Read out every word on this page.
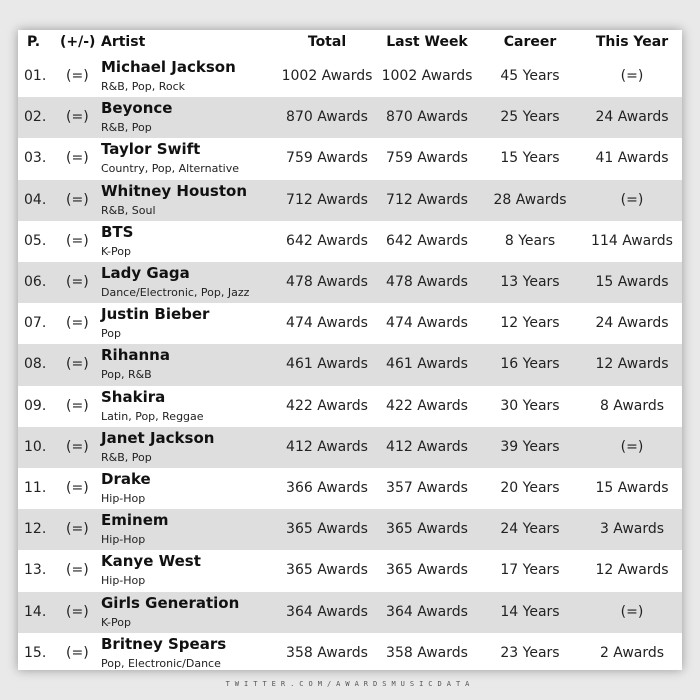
P. (+/-) Artist	Total	Last Week	Career	This Year
01. (=) Michael Jackson
R&B, Pop, Rock
1002 Awards 1002 Awards	45 Years	(=)
02. (=) Beyonce
R&B, Pop
870 Awards	870 Awards	25 Years	24 Awards
03. (=) Taylor Swift
Country, Pop, Alternative
759 Awards	759 Awards	15 Years	41 Awards
04. (=) Whitney Houston
R&B, Soul
712 Awards	712 Awards	28 Awards	(=)
05. (=) BTS
K-Pop
642 Awards	642 Awards	8 Years	114 Awards
06. (=) Lady Gaga
Dance/Electronic, Pop, Jazz
478 Awards	478 Awards	13 Years	15 Awards
07. (=) Justin Bieber
Pop
474 Awards	474 Awards	12 Years	24 Awards
08. (=) Rihanna
Pop, R&B
461 Awards	461 Awards	16 Years	12 Awards
09. (=) Shakira
Latin, Pop, Reggae
422 Awards	422 Awards	30 Years	8 Awards
10. (=) Janet Jackson
R&B, Pop
412 Awards	412 Awards	39 Years	(=)
11. (=) Drake
Hip-Hop
366 Awards	357 Awards	20 Years	15 Awards
12. (=) Eminem
Hip-Hop
365 Awards	365 Awards	24 Years	3 Awards
13. (=) Kanye West
Hip-Hop
365 Awards	365 Awards	17 Years	12 Awards
14. (=) Girls Generation
K-Pop
364 Awards	364 Awards	14 Years	(=)
15. (=) Britney Spears
Pop, Electronic/Dance
358 Awards	358 Awards	23 Years	2 Awards
TWITTER.COM/AWARDSMUSICDATA
